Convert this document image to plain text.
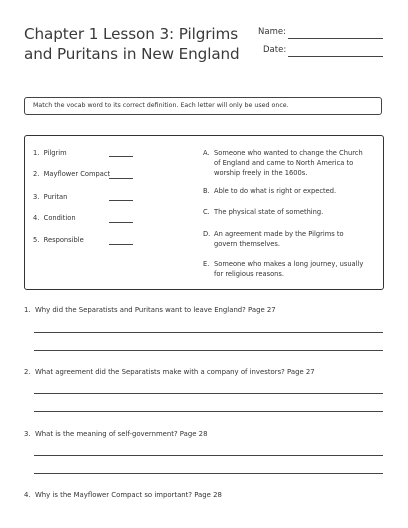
Chapter 1 Lesson 3: Pilgrims and Puritans in New England
Name:
Date:
Match the vocab word to its correct definition. Each letter will only be used once.
1. Pilgrim
2. Mayflower Compact
3. Puritan
4. Condition
5. Responsible
A. Someone who wanted to change the Church of England and came to North America to worship freely in the 1600s.
B. Able to do what is right or expected.
C. The physical state of something.
D. An agreement made by the Pilgrims to govern themselves.
E. Someone who makes a long journey, usually for religious reasons.
1. Why did the Separatists and Puritans want to leave England? Page 27
2. What agreement did the Separatists make with a company of investors? Page 27
3. What is the meaning of self-government? Page 28
4. Why is the Mayflower Compact so important? Page 28
